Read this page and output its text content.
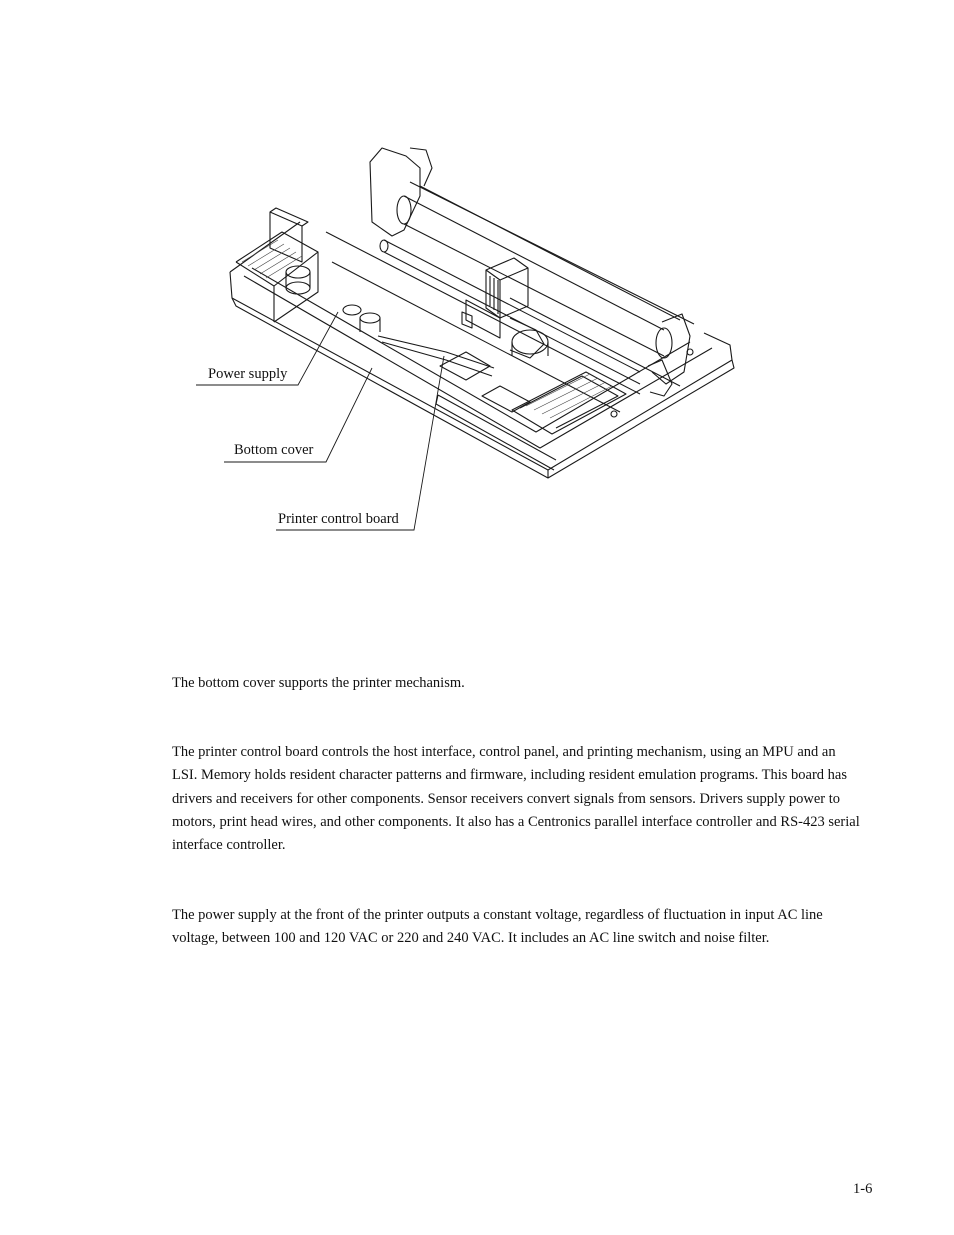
Power supply
Bottom cover
Printer control board

The bottom cover supports the printer mechanism.

The printer control board controls the host interface, control panel, and printing mechanism, using an MPU and an LSI. Memory holds resident character patterns and firmware, including resident emulation programs. This board has drivers and receivers for other components. Sensor receivers convert signals from sensors. Drivers supply power to motors, print head wires, and other components. It also has a Centronics parallel interface controller and RS-423 serial interface controller.

The power supply at the front of the printer outputs a constant voltage, regardless of fluctuation in input AC line voltage, between 100 and 120 VAC or 220 and 240 VAC. It includes an AC line switch and noise filter.

1-6
